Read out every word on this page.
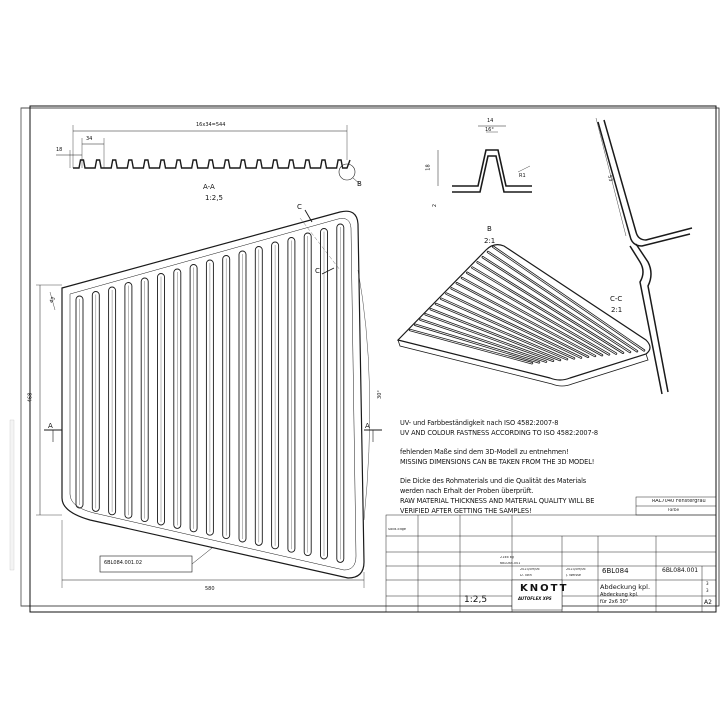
16x34=544
34
18
B
A-A
1:2,5
14
16°
18
2
R1
B
2:1
53
C-C
2:1
A	A
C
C
468
580
30°
43
6BL084.001.02
UV- und Farbbeständigkeit nach ISO 4582:2007-8
UV AND COLOUR FASTNESS ACCORDING TO ISO 4582:2007-8
fehlenden Maße sind dem 3D-Modell zu entnehmen!
MISSING DIMENSIONS CAN BE TAKEN FROM THE 3D MODEL!
Die Dicke des Rohmaterials und die Qualität des Materials
werden nach Erhalt der Proben überprüft.
RAW MATERIAL THICKNESS AND MATERIAL QUALITY WILL BE
VERIFIED AFTER GETTING THE SAMPLES!
RAL7040 Fenstergrau
Farbe
Solid-Edge
2146 kg
6BL084.001
2023/09/06	2023/09/06
D. Toth	J. Weisse
1:2,5
KNOTT
AUTOFLEX XPS
Abdeckung kpl.
Abdeckung kpl.
für 2x6 30°
6BL084	6BL084.001
A2
3
3
